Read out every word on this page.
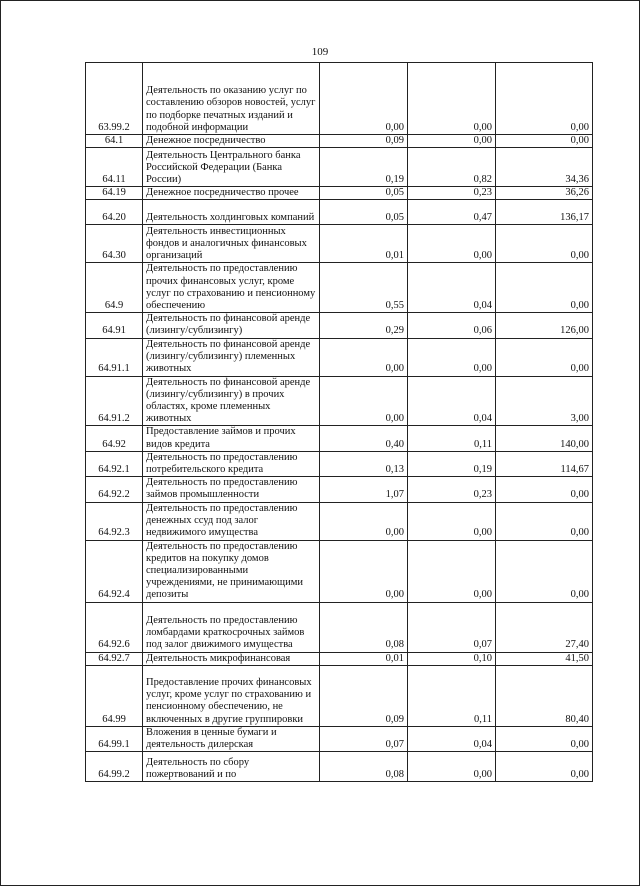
109
63.99.2	Деятельность по оказанию услуг по составлению обзоров новостей, услуг по подборке печатных изданий и подобной информации	0,00	0,00	0,00
64.1	Денежное посредничество	0,09	0,00	0,00
64.11	Деятельность Центрального банка Российской Федерации (Банка России)	0,19	0,82	34,36
64.19	Денежное посредничество прочее	0,05	0,23	36,26
64.20	Деятельность холдинговых компаний	0,05	0,47	136,17
64.30	Деятельность инвестиционных фондов и аналогичных финансовых организаций	0,01	0,00	0,00
64.9	Деятельность по предоставлению прочих финансовых услуг, кроме услуг по страхованию и пенсионному обеспечению	0,55	0,04	0,00
64.91	Деятельность по финансовой аренде (лизингу/сублизингу)	0,29	0,06	126,00
64.91.1	Деятельность по финансовой аренде (лизингу/сублизингу) племенных животных	0,00	0,00	0,00
64.91.2	Деятельность по финансовой аренде (лизингу/сублизингу) в прочих областях, кроме племенных животных	0,00	0,04	3,00
64.92	Предоставление займов и прочих видов кредита	0,40	0,11	140,00
64.92.1	Деятельность по предоставлению потребительского кредита	0,13	0,19	114,67
64.92.2	Деятельность по предоставлению займов промышленности	1,07	0,23	0,00
64.92.3	Деятельность по предоставлению денежных ссуд под залог недвижимого имущества	0,00	0,00	0,00
64.92.4	Деятельность по предоставлению кредитов на покупку домов специализированными учреждениями, не принимающими депозиты	0,00	0,00	0,00
64.92.6	Деятельность по предоставлению ломбардами краткосрочных займов под залог движимого имущества	0,08	0,07	27,40
64.92.7	Деятельность микрофинансовая	0,01	0,10	41,50
64.99	Предоставление прочих финансовых услуг, кроме услуг по страхованию и пенсионному обеспечению, не включенных в другие группировки	0,09	0,11	80,40
64.99.1	Вложения в ценные бумаги и деятельность дилерская	0,07	0,04	0,00
64.99.2	Деятельность по сбору пожертвований и по	0,08	0,00	0,00
